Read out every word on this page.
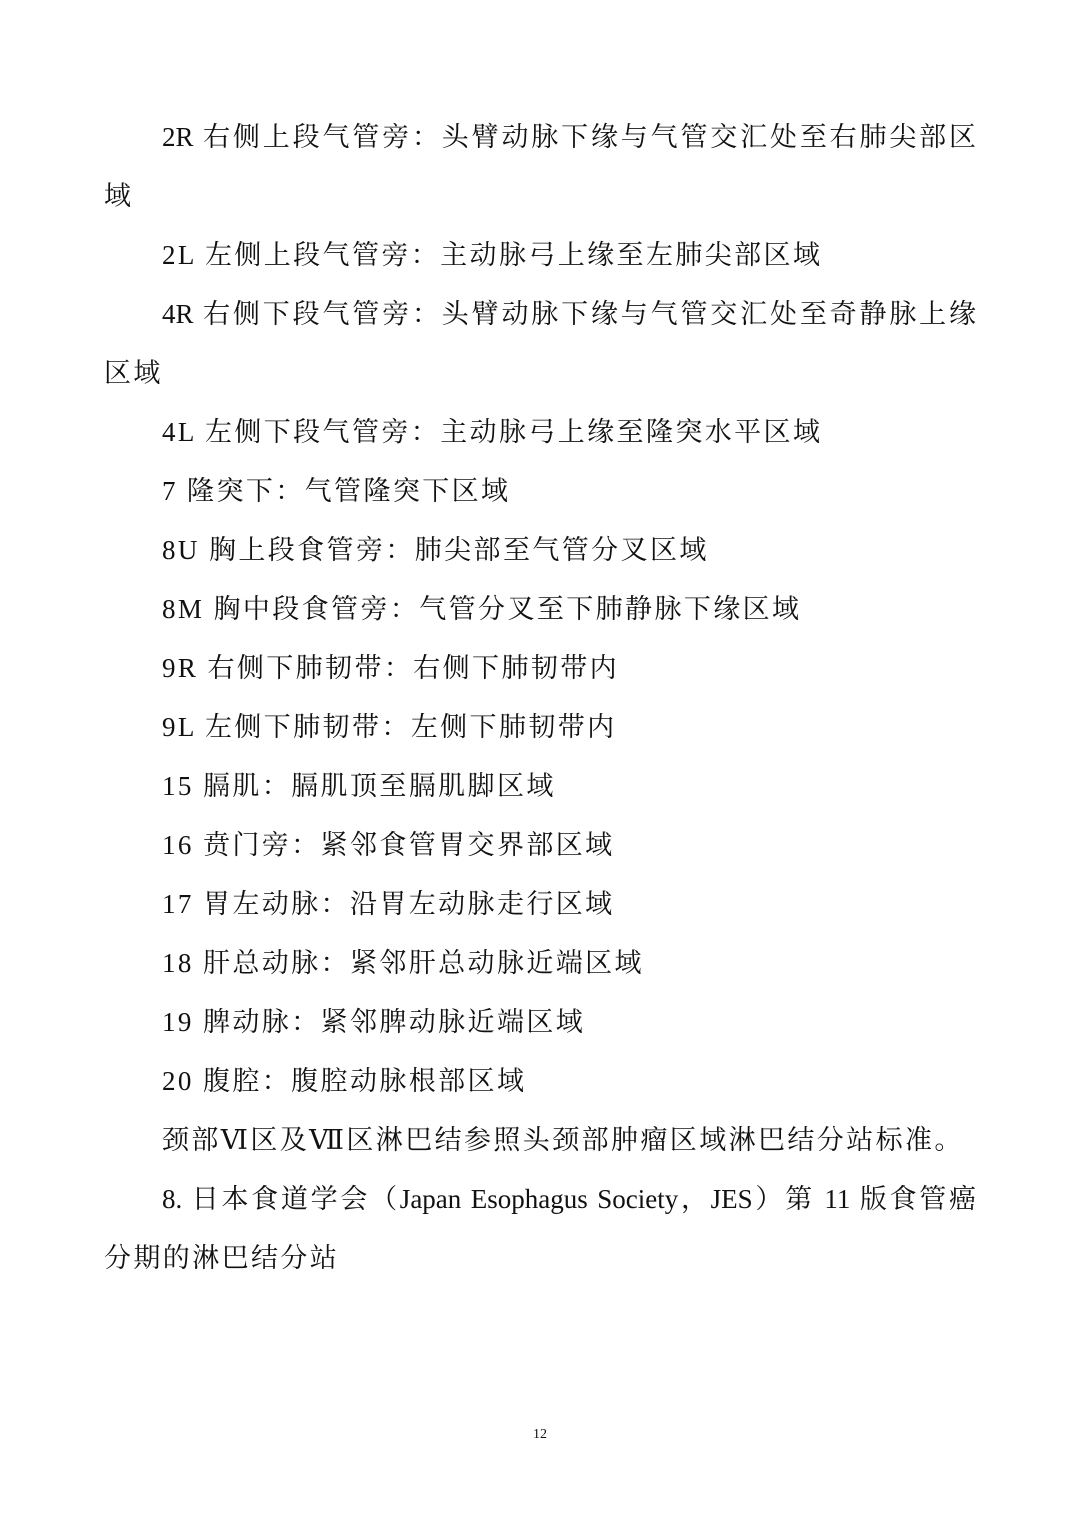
2R 右侧上段气管旁：头臂动脉下缘与气管交汇处至右肺尖部区
域
2L 左侧上段气管旁：主动脉弓上缘至左肺尖部区域
4R 右侧下段气管旁：头臂动脉下缘与气管交汇处至奇静脉上缘
区域
4L 左侧下段气管旁：主动脉弓上缘至隆突水平区域
7 隆突下：气管隆突下区域
8U 胸上段食管旁：肺尖部至气管分叉区域
8M 胸中段食管旁：气管分叉至下肺静脉下缘区域
9R 右侧下肺韧带：右侧下肺韧带内
9L 左侧下肺韧带：左侧下肺韧带内
15 膈肌：膈肌顶至膈肌脚区域
16 贲门旁：紧邻食管胃交界部区域
17 胃左动脉：沿胃左动脉走行区域
18 肝总动脉：紧邻肝总动脉近端区域
19 脾动脉：紧邻脾动脉近端区域
20 腹腔：腹腔动脉根部区域
颈部Ⅵ区及Ⅶ区淋巴结参照头颈部肿瘤区域淋巴结分站标准。
8. 日本食道学会（Japan Esophagus Society，JES）第 11 版食管癌
分期的淋巴结分站
12
